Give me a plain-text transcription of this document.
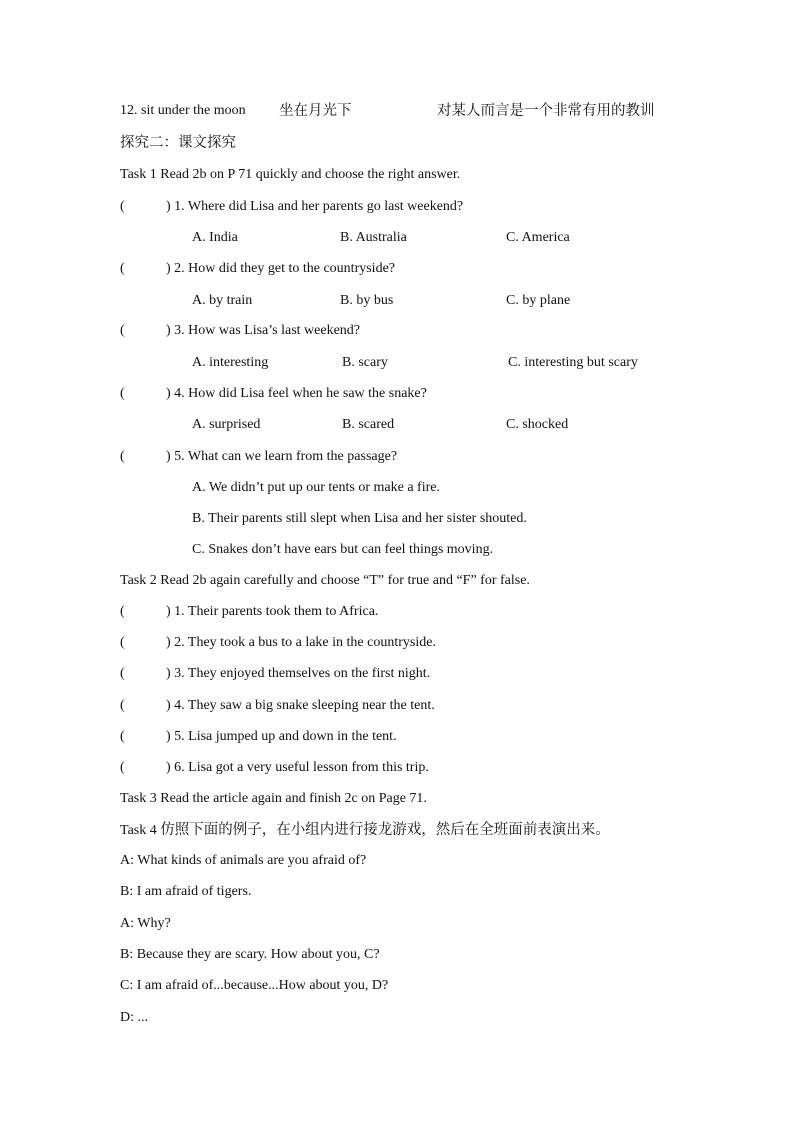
12. sit under the moon 坐在月光下	对某人而言是一个非常有用的教训
探究二：课文探究
Task 1 Read 2b on P 71 quickly and choose the right answer.
(	) 1. Where did Lisa and her parents go last weekend?
A. India	B. Australia	C. America
(	) 2. How did they get to the countryside?
A. by train	B. by bus	C. by plane
(	) 3. How was Lisa’s last weekend?
A. interesting	B. scary	C. interesting but scary
(	) 4. How did Lisa feel when he saw the snake?
A. surprised	B. scared	C. shocked
(	) 5. What can we learn from the passage?
A. We didn’t put up our tents or make a fire.
B. Their parents still slept when Lisa and her sister shouted.
C. Snakes don’t have ears but can feel things moving.
Task 2 Read 2b again carefully and choose “T” for true and “F” for false.
(	) 1. Their parents took them to Africa.
(	) 2. They took a bus to a lake in the countryside.
(	) 3. They enjoyed themselves on the first night.
(	) 4. They saw a big snake sleeping near the tent.
(	) 5. Lisa jumped up and down in the tent.
(	) 6. Lisa got a very useful lesson from this trip.
Task 3 Read the article again and finish 2c on Page 71.
Task 4 仿照下面的例子，在小组内进行接龙游戏，然后在全班面前表演出来。
A: What kinds of animals are you afraid of?
B: I am afraid of tigers.
A: Why?
B: Because they are scary. How about you, C?
C: I am afraid of...because...How about you, D?
D: ...
